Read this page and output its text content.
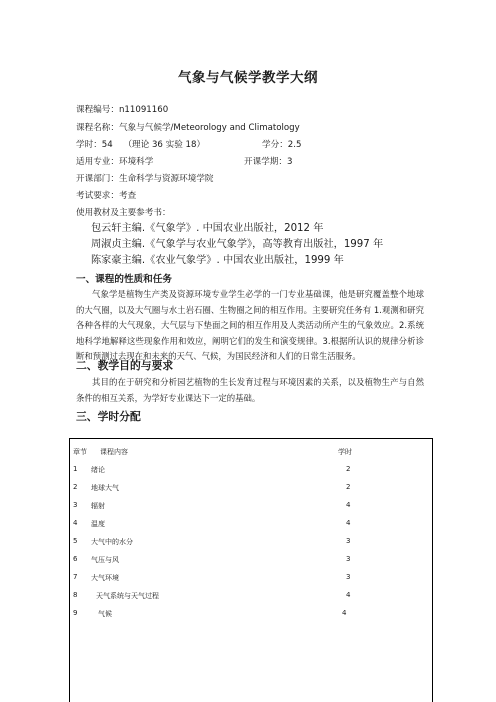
气象与气候学教学大纲
课程编号：n11091160
课程名称：气象与气候学/Meteorology and Climatology
学时：54 （理论 36 实验 18）	学分：2.5
适用专业：环境科学	开课学期：3
开课部门：生命科学与资源环境学院
考试要求：考查
使用教材及主要参考书：
包云轩主编.《气象学》. 中国农业出版社，2012 年
周淑贞主编.《气象学与农业气象学》，高等教育出版社，1997 年
陈家豪主编.《农业气象学》. 中国农业出版社，1999 年
一、课程的性质和任务
气象学是植物生产类及资源环境专业学生必学的一门专业基础课，他是研究覆盖整个地球的大气圈，以及大气圈与水土岩石圈、生物圈之间的相互作用。主要研究任务有 1.观测和研究各种各样的大气现象，大气层与下垫面之间的相互作用及人类活动所产生的气象效应。2.系统地科学地解释这些现象作用和效应，阐明它们的发生和演变规律。3.根据所认识的规律分析诊断和预测过去现在和未来的天气、气候，为国民经济和人们的日常生活服务。
二、教学目的与要求
其目的在于研究和分析园艺植物的生长发育过程与环境因素的关系，以及植物生产与自然条件的相互关系，为学好专业课达下一定的基础。
三、学时分配
章节 课程内容	学时
1 绪论	2
2 地球大气	2
3 辐射	4
4 温度	4
5 大气中的水分	3
6 气压与风	3
7 大气环境	3
8	天气系统与天气过程	4
9	气候	4
